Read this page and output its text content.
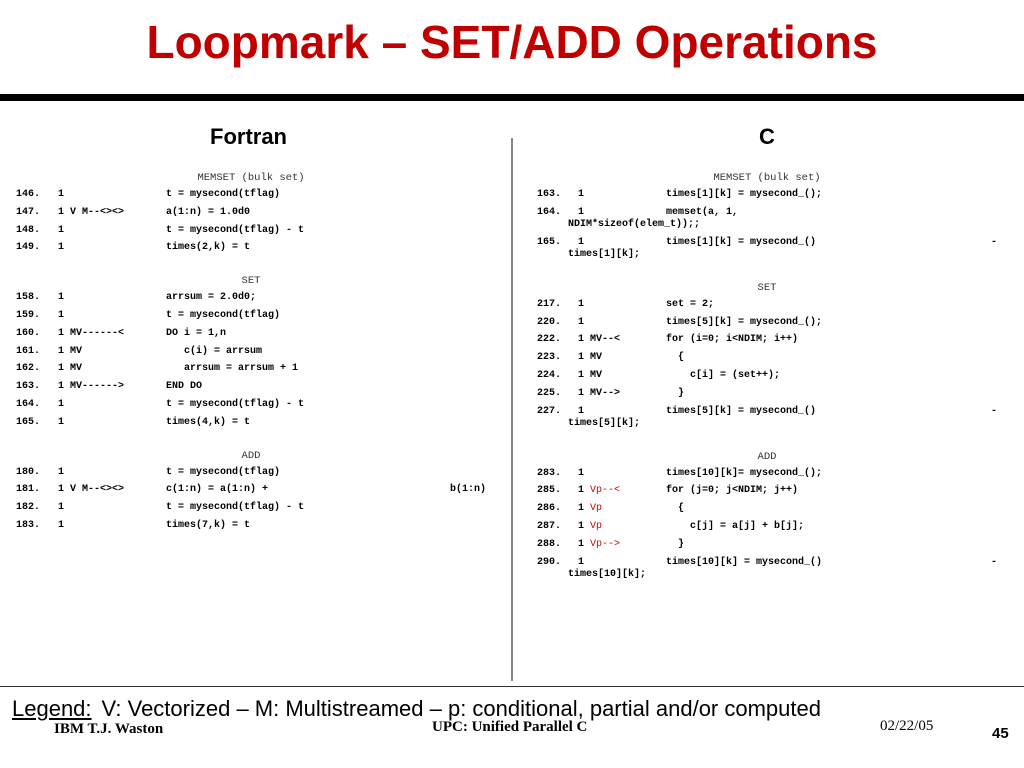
Loopmark – SET/ADD Operations
Fortran	C
MEMSET (bulk set)
146. 1	t = mysecond(tflag)
147. 1 V M--<><>	a(1:n) = 1.0d0
148. 1	t = mysecond(tflag) - t
149. 1	times(2,k) = t
SET
158. 1	arrsum = 2.0d0;
159. 1	t = mysecond(tflag)
160. 1 MV------<	DO i = 1,n
161. 1 MV	c(i) = arrsum
162. 1 MV	arrsum = arrsum + 1
163. 1 MV------>	END DO
164. 1	t = mysecond(tflag) - t
165. 1	times(4,k) = t
ADD
180. 1	t = mysecond(tflag)
181. 1 V M--<><>	c(1:n) = a(1:n) +	b(1:n)
182. 1	t = mysecond(tflag) - t
183. 1	times(7,k) = t
MEMSET (bulk set)
163. 1	times[1][k] = mysecond_();
164. 1	memset(a, 1,
NDIM*sizeof(elem_t));;
165. 1	times[1][k] = mysecond_()	-
times[1][k];
SET
217. 1	set = 2;
220. 1	times[5][k] = mysecond_();
222. 1 MV--<	for (i=0; i<NDIM; i++)
223. 1 MV	{
224. 1 MV	c[i] = (set++);
225. 1 MV-->	}
227. 1	times[5][k] = mysecond_()	-
times[5][k];
ADD
283. 1	times[10][k]= mysecond_();
285. 1 Vp--<	for (j=0; j<NDIM; j++)
286. 1 Vp	{
287. 1 Vp	c[j] = a[j] + b[j];
288. 1 Vp-->	}
290. 1	times[10][k] = mysecond_()	-
times[10][k];
Legend: V: Vectorized – M: Multistreamed – p: conditional, partial and/or computed
IBM T.J. Waston	UPC: Unified Parallel C	02/22/05	45
